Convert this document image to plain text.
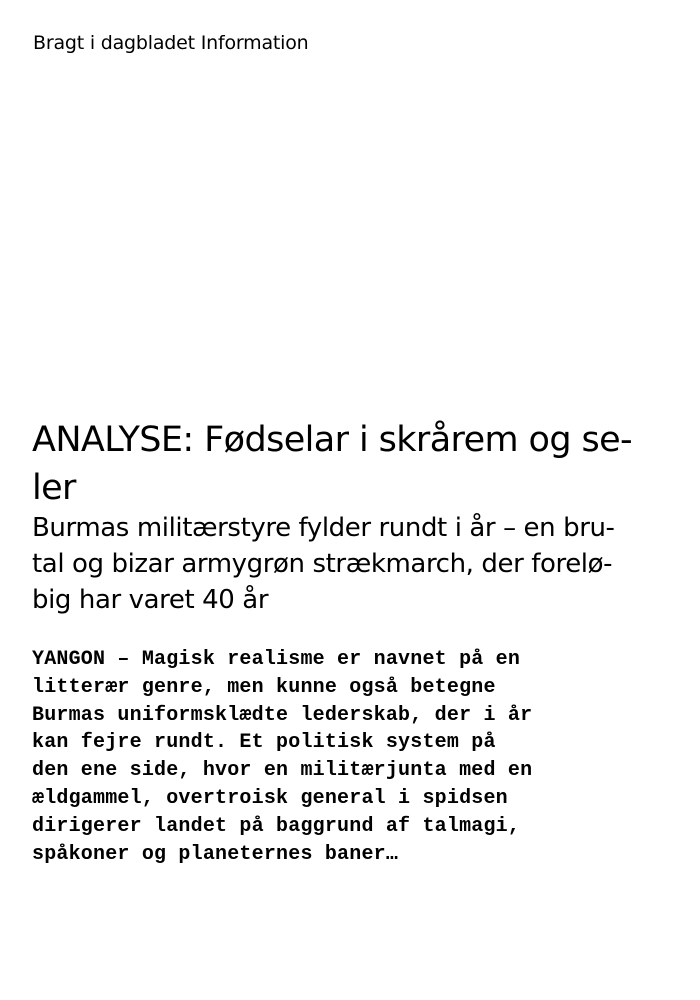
Bragt i dagbladet Information
ANALYSE: Fødselar i skrårem og se-
ler
Burmas militærstyre fylder rundt i år – en bru-
tal og bizar armygrøn strækmarch, der forelø-
big har varet 40 år
YANGON – Magisk realisme er navnet på en
litterær genre, men kunne også betegne
Burmas uniformsklædte lederskab, der i år
kan fejre rundt. Et politisk system på
den ene side, hvor en militærjunta med en
ældgammel, overtroisk general i spidsen
dirigerer landet på baggrund af talmagi,
spåkoner og planeternes baner…
